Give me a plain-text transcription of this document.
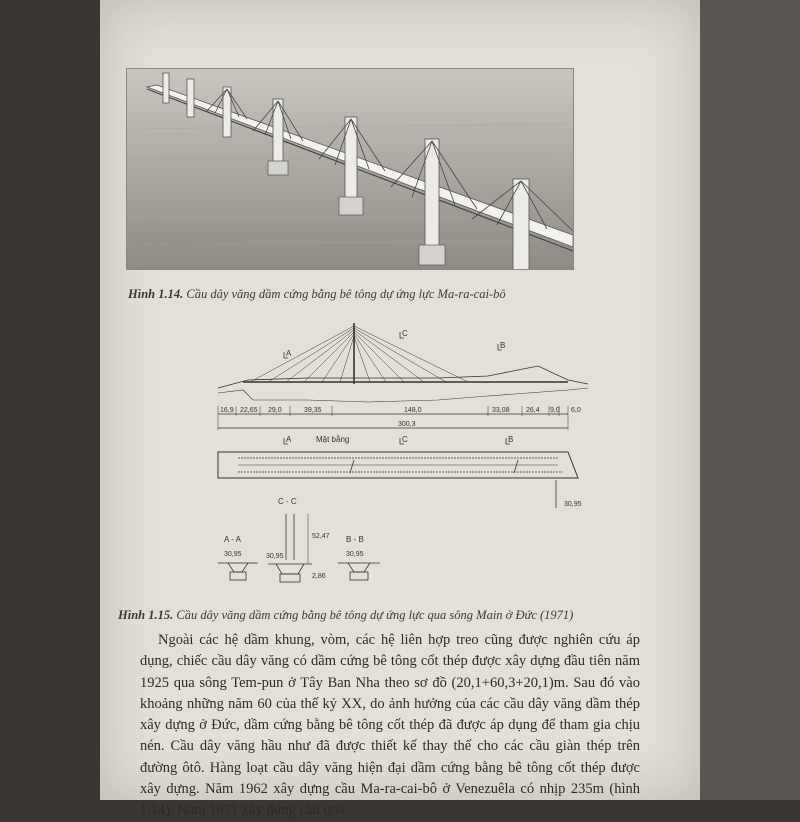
Hình 1.14. Cầu dây văng dầm cứng bằng bê tông dự ứng lực Ma-ra-cai-bô
A
C
B
16,9 22,65 29,0	39,35	148,0	33,08 26,4 9,0 6,0
300,3
A	C	B
Mặt bằng
30,95
A - A
30,95
C - C
30,95
52,47
2,86
B - B
30,95
Hình 1.15. Cầu dây văng dầm cứng bằng bê tông dự ứng lực qua sông Main ở Đức (1971)

Ngoài các hệ dầm khung, vòm, các hệ liên hợp treo cũng được nghiên cứu áp dụng, chiếc cầu dây văng có dầm cứng bê tông cốt thép được xây dựng đầu tiên năm 1925 qua sông Tem-pun ở Tây Ban Nha theo sơ đồ (20,1+60,3+20,1)m. Sau đó vào khoảng những năm 60 của thế kỷ XX, do ảnh hưởng của các cầu dây văng dầm thép xây dựng ở Đức, dầm cứng bằng bê tông cốt thép đã được áp dụng để tham gia chịu nén. Cầu dây văng hầu như đã được thiết kế thay thế cho các cầu giàn thép trên đường ôtô. Hàng loạt cầu dây văng hiện đại dầm cứng bằng bê tông cốt thép được xây dựng. Năm 1962 xây dựng cầu Ma-ra-cai-bô ở Venezuêla có nhịp 235m (hình 1.14). Năm 1971 xây dựng cầu qua
